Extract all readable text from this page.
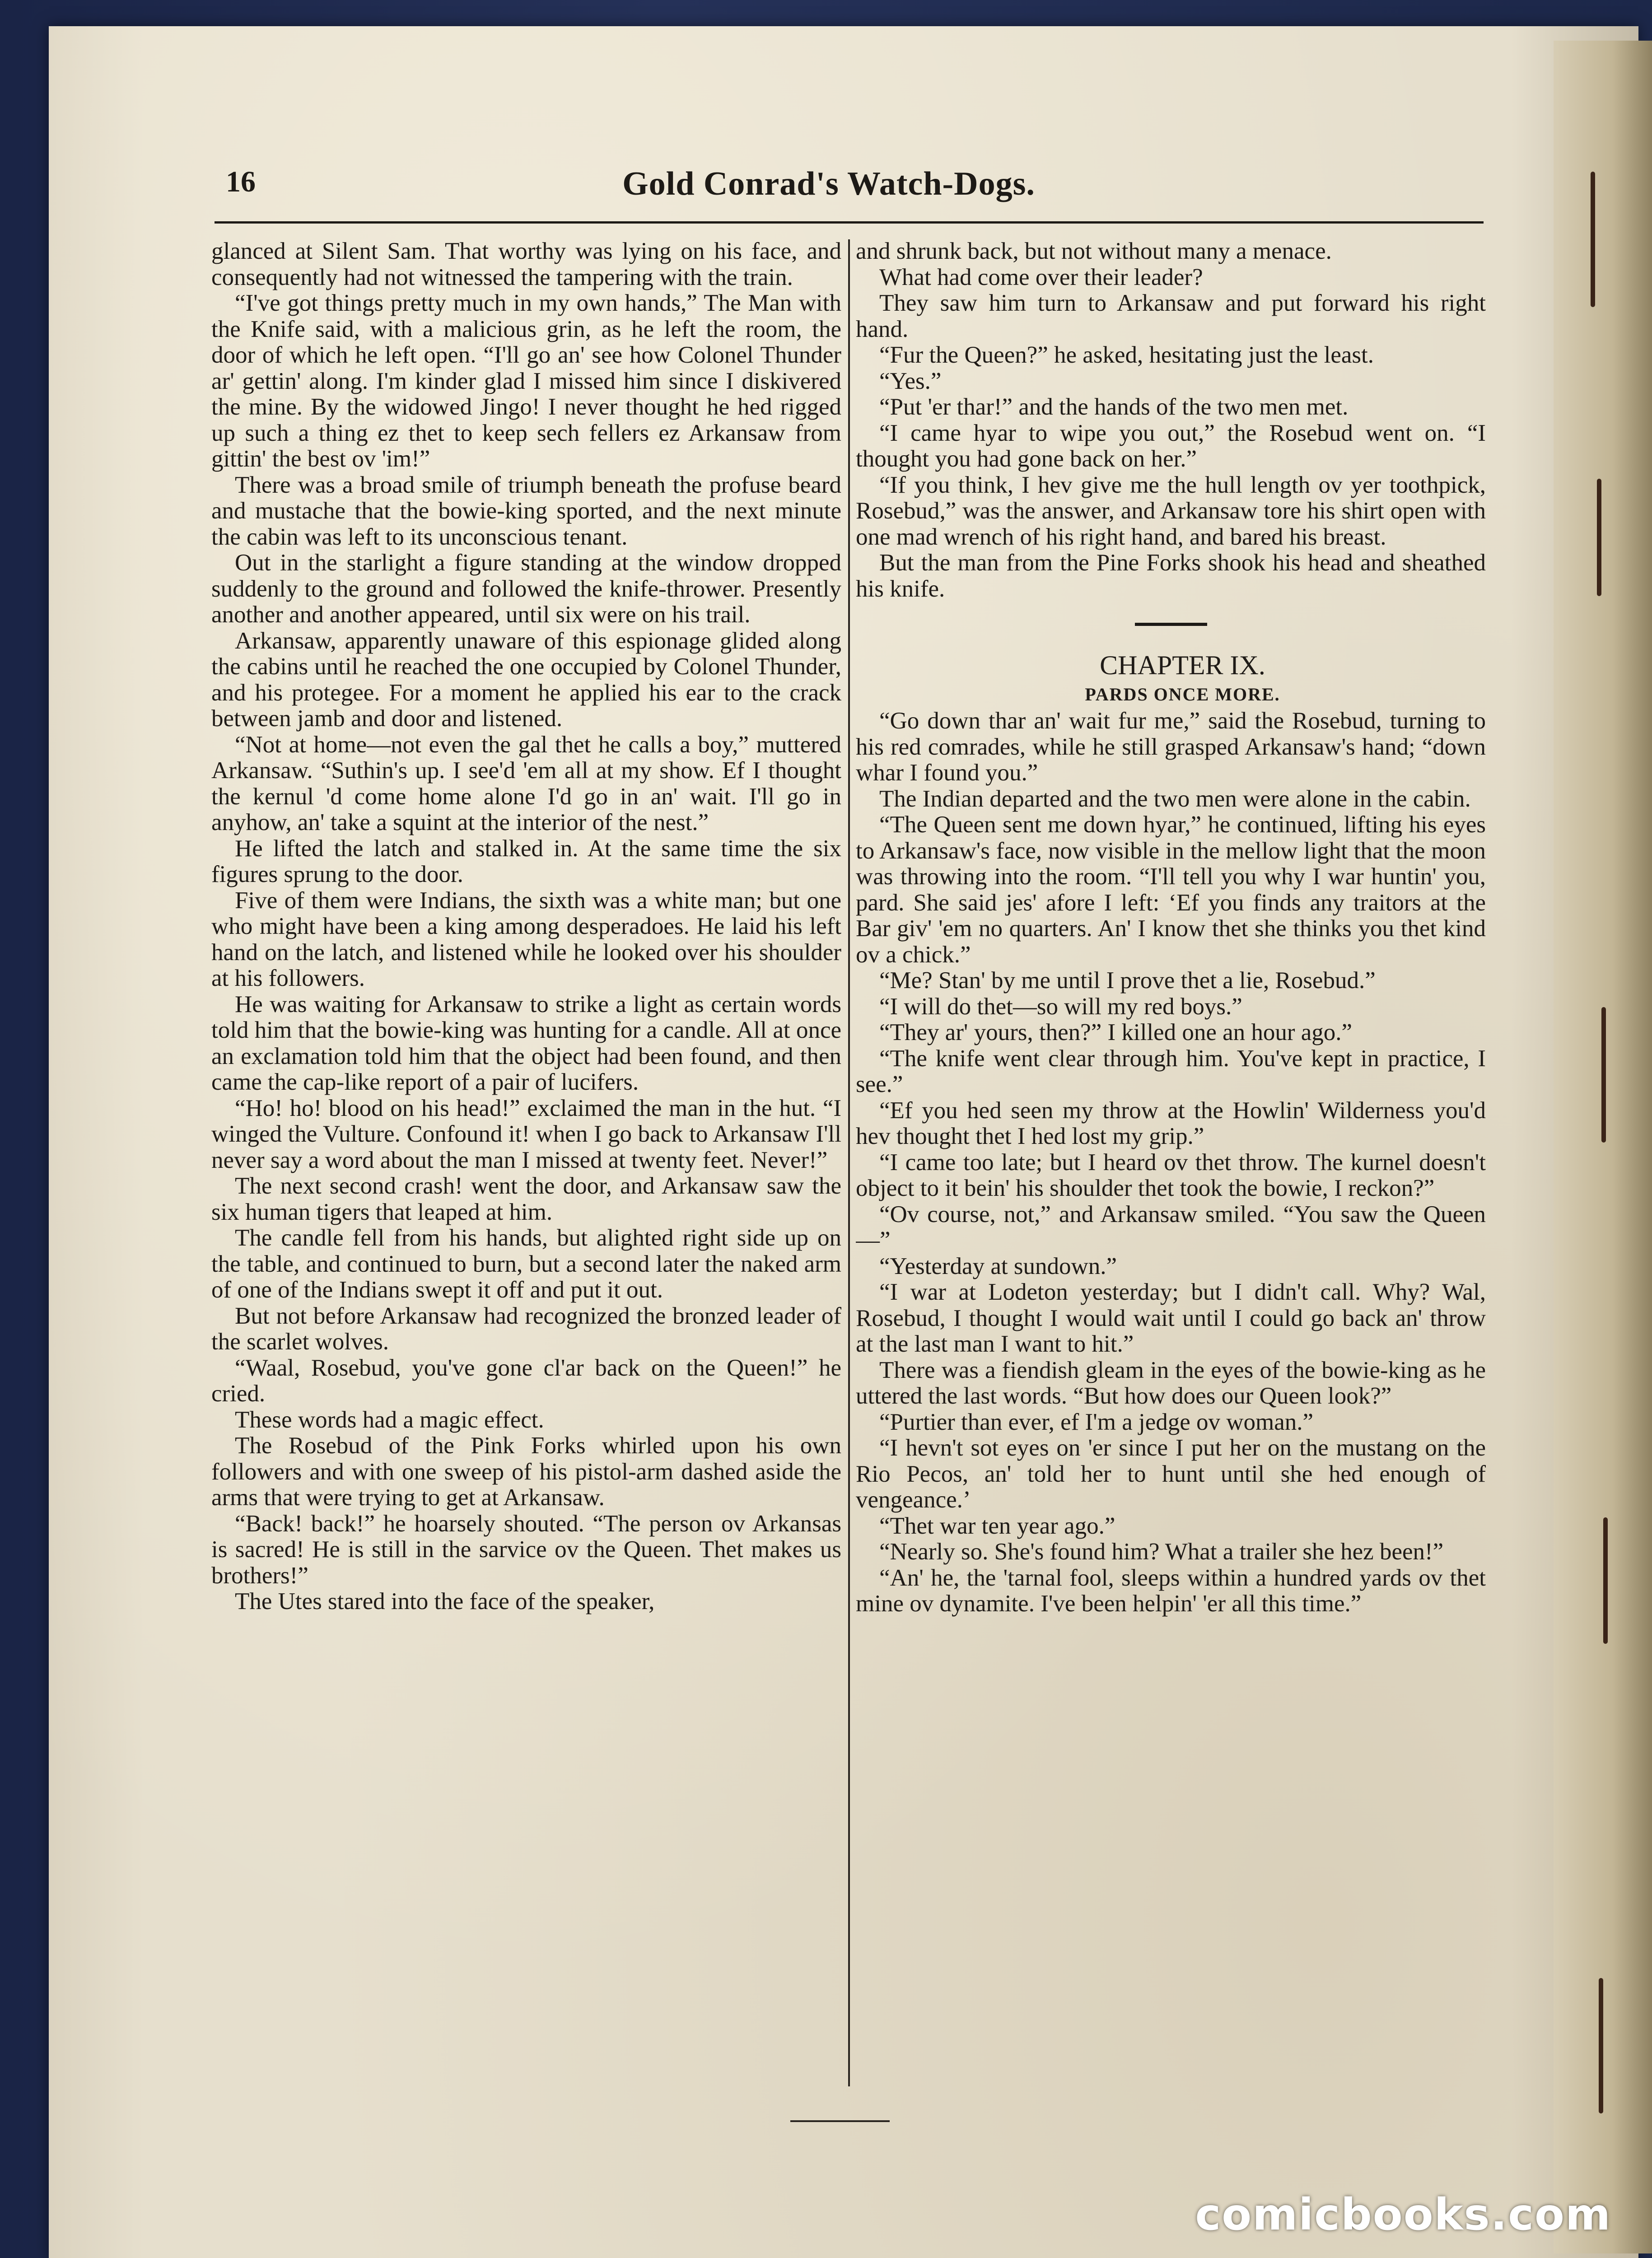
16	Gold Conrad's Watch-Dogs.

glanced at Silent Sam. That worthy was lying on his face, and consequently had not witnessed the tampering with the train.

“I've got things pretty much in my own hands,” The Man with the Knife said, with a malicious grin, as he left the room, the door of which he left open. “I'll go an' see how Colonel Thunder ar' gettin' along. I'm kinder glad I missed him since I diskivered the mine. By the widowed Jingo! I never thought he hed rigged up such a thing ez thet to keep sech fellers ez Arkansaw from gittin' the best ov 'im!”

There was a broad smile of triumph beneath the profuse beard and mustache that the bowie-king sported, and the next minute the cabin was left to its unconscious tenant.

Out in the starlight a figure standing at the window dropped suddenly to the ground and followed the knife-thrower. Presently another and another appeared, until six were on his trail.

Arkansaw, apparently unaware of this espionage glided along the cabins until he reached the one occupied by Colonel Thunder, and his protegee. For a moment he applied his ear to the crack between jamb and door and listened.

“Not at home—not even the gal thet he calls a boy,” muttered Arkansaw. “Suthin's up. I see'd 'em all at my show. Ef I thought the kernul 'd come home alone I'd go in an' wait. I'll go in anyhow, an' take a squint at the interior of the nest.”

He lifted the latch and stalked in. At the same time the six figures sprung to the door.

Five of them were Indians, the sixth was a white man; but one who might have been a king among desperadoes. He laid his left hand on the latch, and listened while he looked over his shoulder at his followers.

He was waiting for Arkansaw to strike a light as certain words told him that the bowie-king was hunting for a candle. All at once an exclamation told him that the object had been found, and then came the cap-like report of a pair of lucifers.

“Ho! ho! blood on his head!” exclaimed the man in the hut. “I winged the Vulture. Confound it! when I go back to Arkansaw I'll never say a word about the man I missed at twenty feet. Never!”

The next second crash! went the door, and Arkansaw saw the six human tigers that leaped at him.

The candle fell from his hands, but alighted right side up on the table, and continued to burn, but a second later the naked arm of one of the Indians swept it off and put it out.

But not before Arkansaw had recognized the bronzed leader of the scarlet wolves.

“Waal, Rosebud, you've gone cl'ar back on the Queen!” he cried.

These words had a magic effect.

The Rosebud of the Pink Forks whirled upon his own followers and with one sweep of his pistol-arm dashed aside the arms that were trying to get at Arkansaw.

“Back! back!” he hoarsely shouted. “The person ov Arkansas is sacred! He is still in the sarvice ov the Queen. Thet makes us brothers!”

The Utes stared into the face of the speaker,

and shrunk back, but not without many a menace.

What had come over their leader?

They saw him turn to Arkansaw and put forward his right hand.

“Fur the Queen?” he asked, hesitating just the least.

“Yes.”

“Put 'er thar!” and the hands of the two men met.

“I came hyar to wipe you out,” the Rosebud went on. “I thought you had gone back on her.”

“If you think, I hev give me the hull length ov yer toothpick, Rosebud,” was the answer, and Arkansaw tore his shirt open with one mad wrench of his right hand, and bared his breast.

But the man from the Pine Forks shook his head and sheathed his knife.

CHAPTER IX.

PARDS ONCE MORE.

“Go down thar an' wait fur me,” said the Rosebud, turning to his red comrades, while he still grasped Arkansaw's hand; “down whar I found you.”

The Indian departed and the two men were alone in the cabin.

“The Queen sent me down hyar,” he continued, lifting his eyes to Arkansaw's face, now visible in the mellow light that the moon was throwing into the room. “I'll tell you why I war huntin' you, pard. She said jes' afore I left: ‘Ef you finds any traitors at the Bar giv' 'em no quarters. An' I know thet she thinks you thet kind ov a chick.”

“Me? Stan' by me until I prove thet a lie, Rosebud.”

“I will do thet—so will my red boys.”

“They ar' yours, then?” I killed one an hour ago.”

“The knife went clear through him. You've kept in practice, I see.”

“Ef you hed seen my throw at the Howlin' Wilderness you'd hev thought thet I hed lost my grip.”

“I came too late; but I heard ov thet throw. The kurnel doesn't object to it bein' his shoulder thet took the bowie, I reckon?”

“Ov course, not,” and Arkansaw smiled. “You saw the Queen—”

“Yesterday at sundown.”

“I war at Lodeton yesterday; but I didn't call. Why? Wal, Rosebud, I thought I would wait until I could go back an' throw at the last man I want to hit.”

There was a fiendish gleam in the eyes of the bowie-king as he uttered the last words. “But how does our Queen look?”

“Purtier than ever, ef I'm a jedge ov woman.”

“I hevn't sot eyes on 'er since I put her on the mustang on the Rio Pecos, an' told her to hunt until she hed enough of vengeance.’

“Thet war ten year ago.”

“Nearly so. She's found him? What a trailer she hez been!”

“An' he, the 'tarnal fool, sleeps within a hundred yards ov thet mine ov dynamite. I've been helpin' 'er all this time.”

comicbooks.com
